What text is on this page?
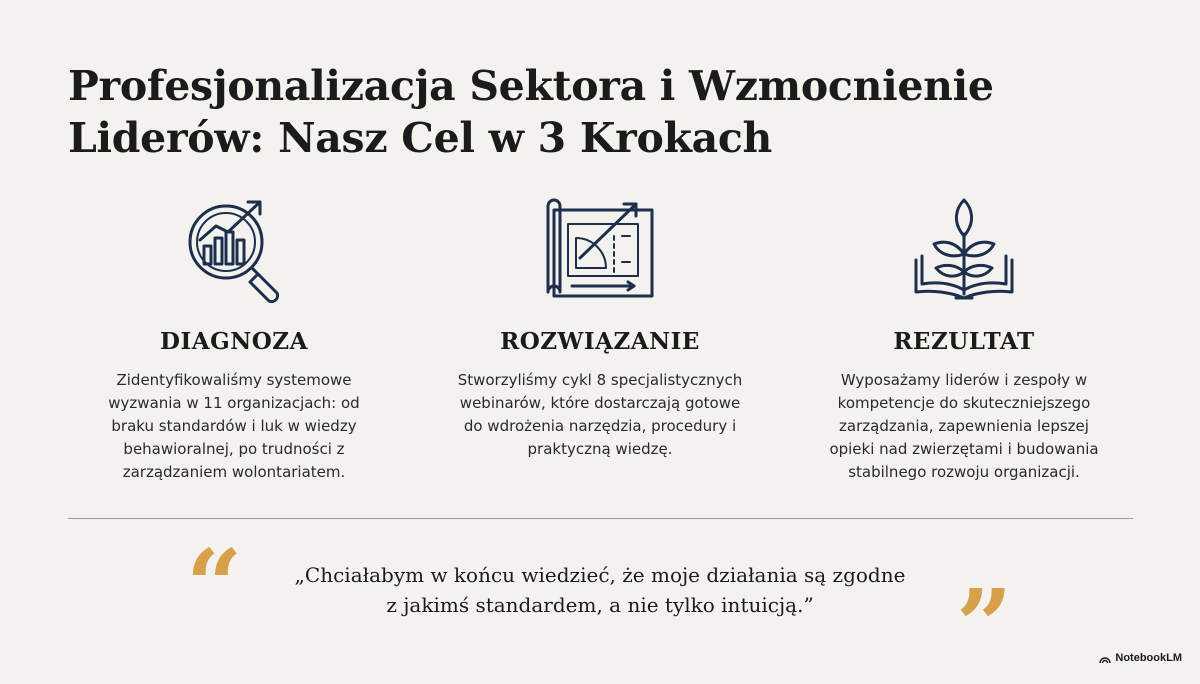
Profesjonalizacja Sektora i Wzmocnienie
Liderów: Nasz Cel w 3 Krokach
DIAGNOZA
Zidentyfikowaliśmy systemowe wyzwania w 11 organizacjach: od braku standardów i luk w wiedzy behawioralnej, po trudności z zarządzaniem wolontariatem.
ROZWIĄZANIE
Stworzyliśmy cykl 8 specjalistycznych webinarów, które dostarczają gotowe do wdrożenia narzędzia, procedury i praktyczną wiedzę.
REZULTAT
Wyposażamy liderów i zespoły w kompetencje do skuteczniejszego zarządzania, zapewnienia lepszej opieki nad zwierzętami i budowania stabilnego rozwoju organizacji.
“	„Chciałabym w końcu wiedzieć, że moje działania są zgodne
z jakimś standardem, a nie tylko intuicją.”	”	NotebookLM
